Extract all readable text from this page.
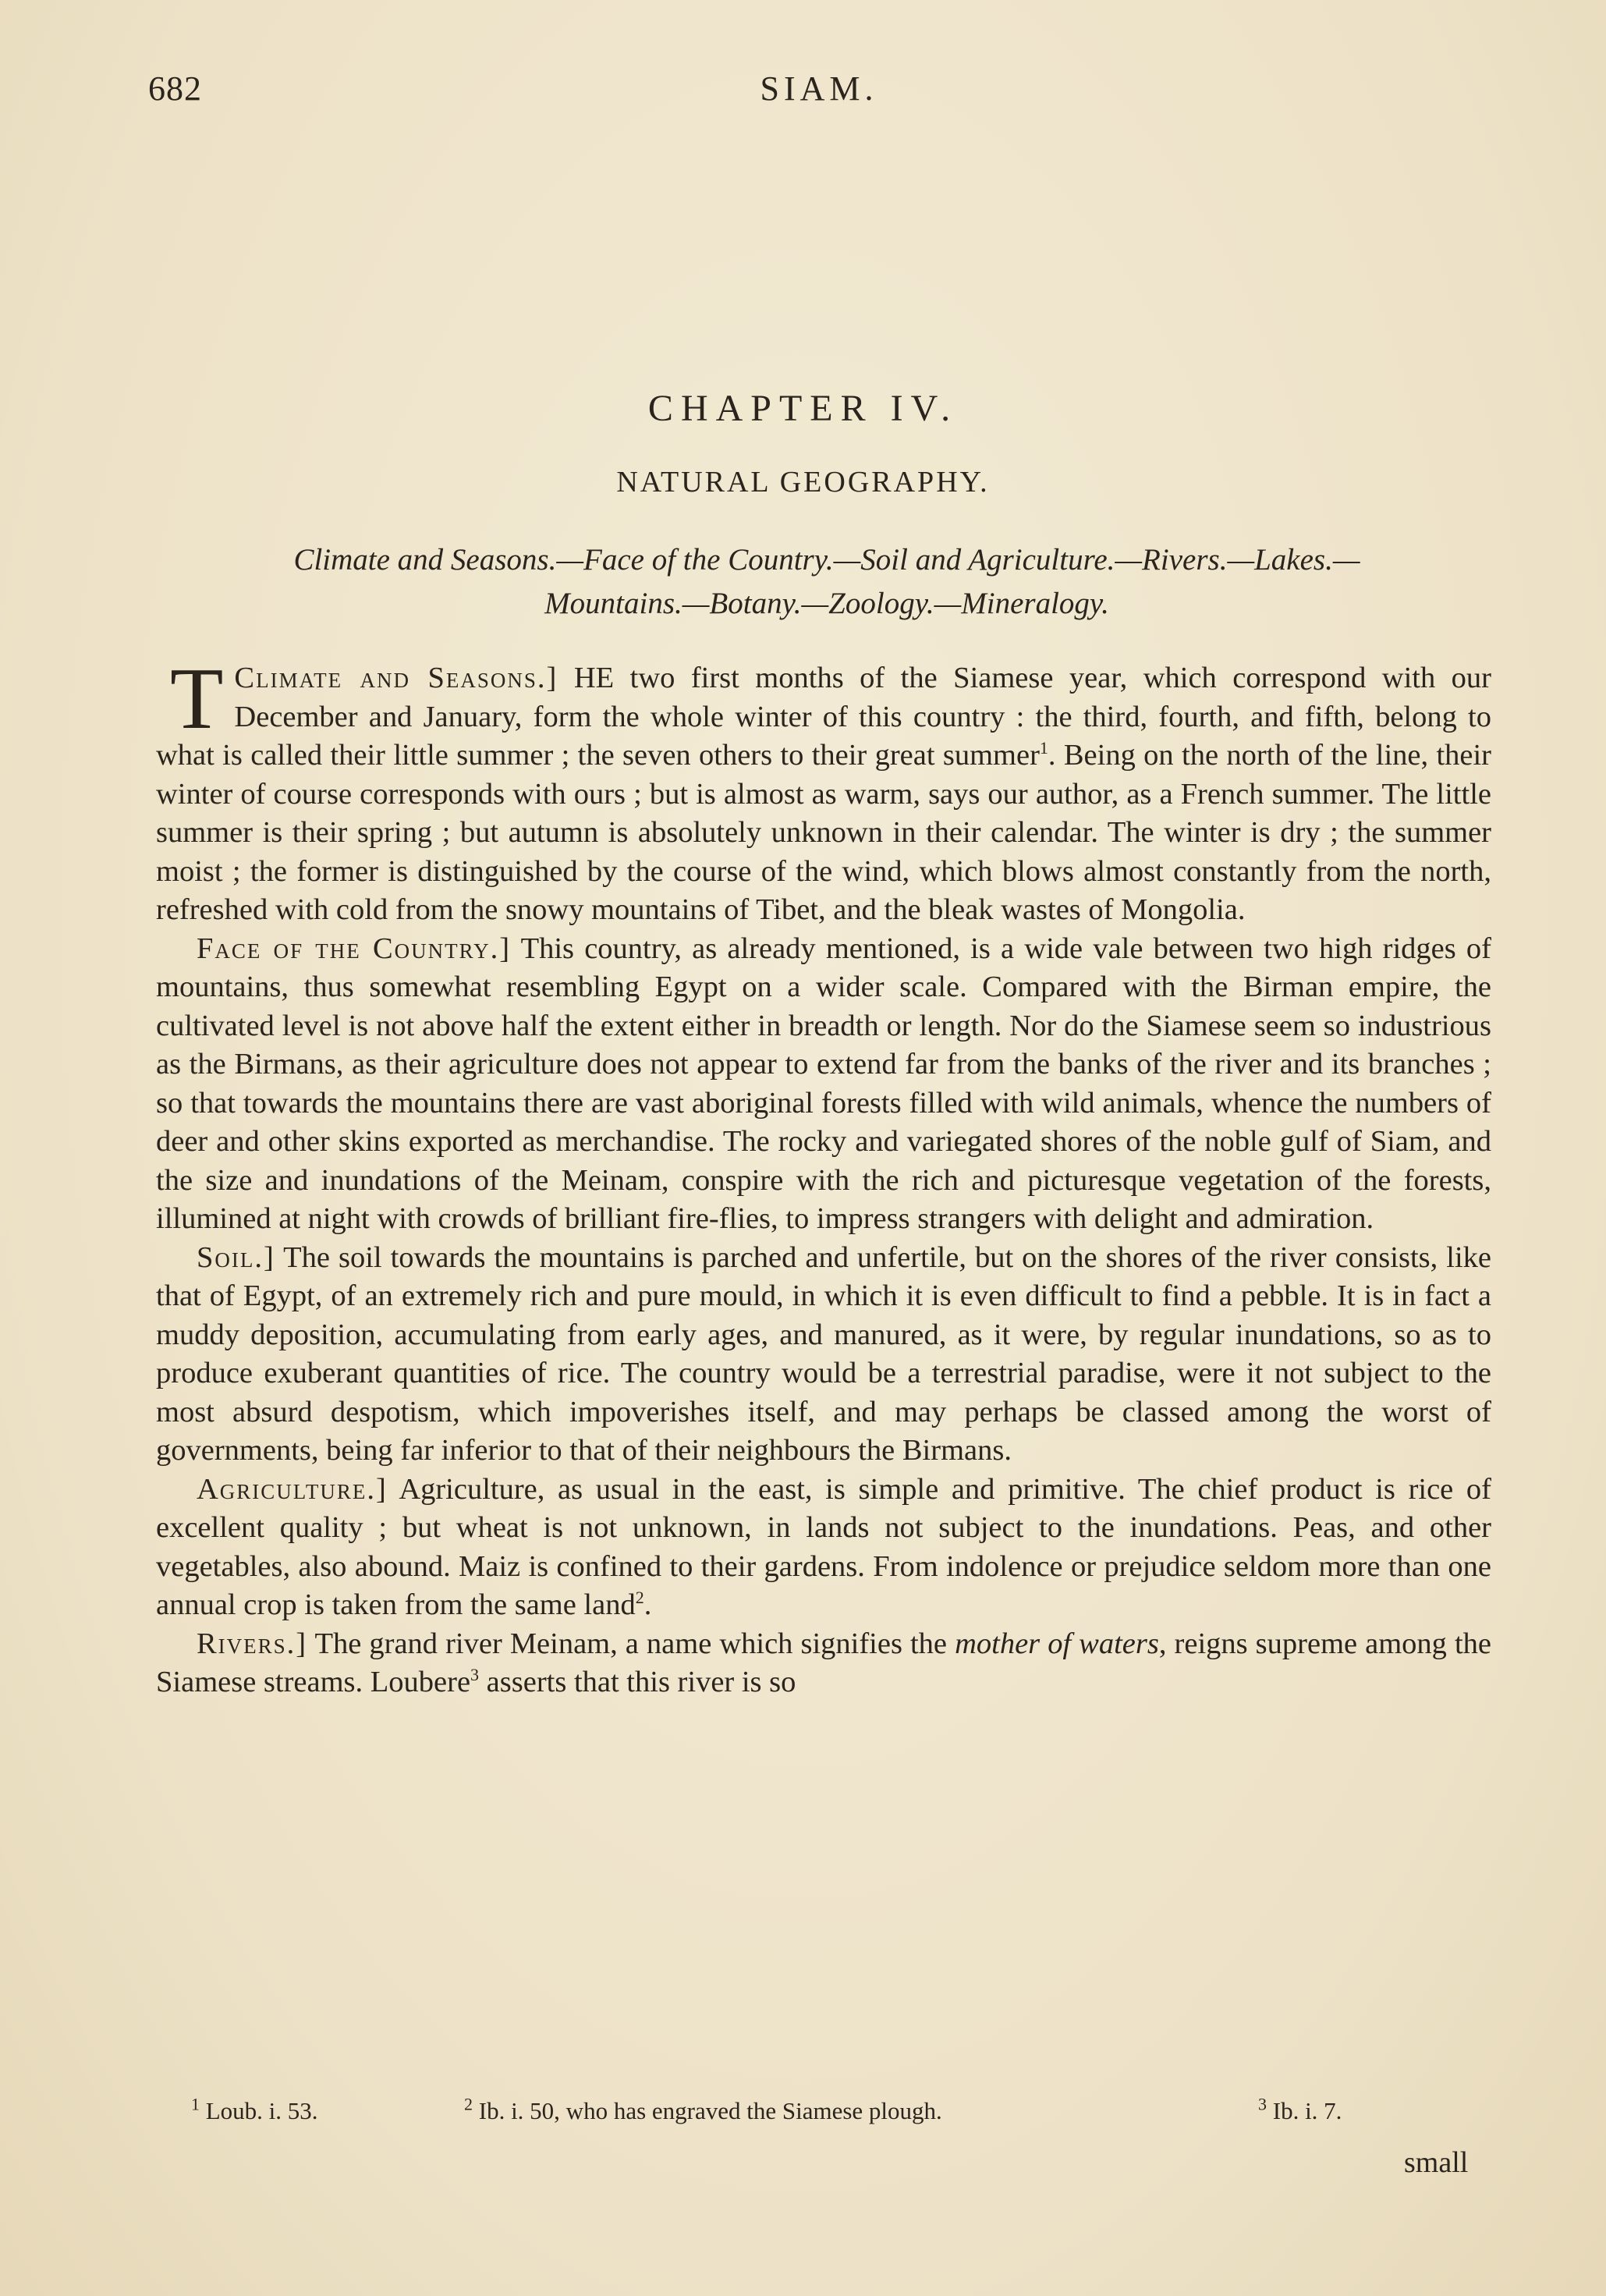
682	SIAM.
CHAPTER IV.
NATURAL GEOGRAPHY.
Climate and Seasons.—Face of the Country.—Soil and Agriculture.—Rivers.—Lakes.—
Mountains.—Botany.—Zoology.—Mineralogy.

Climate and Seasons.]
T	HE two first months of the Siamese year, which correspond with our December and January, form the whole winter of this country : the third, fourth, and fifth, belong to what is called their little summer ; the seven others to their great summer$^1$. Being on the north of the line, their winter of course corresponds with ours ; but is almost as warm, says our author, as a French summer. The little summer is their spring ; but autumn is absolutely unknown in their calendar. The winter is dry ; the summer moist ; the former is distinguished by the course of the wind, which blows almost constantly from the north, refreshed with cold from the snowy mountains of Tibet, and the bleak wastes of Mongolia.

Face of the Country.] This country, as already mentioned, is a wide vale between two high ridges of mountains, thus somewhat resembling Egypt on a wider scale. Compared with the Birman empire, the cultivated level is not above half the extent either in breadth or length. Nor do the Siamese seem so industrious as the Birmans, as their agriculture does not appear to extend far from the banks of the river and its branches ; so that towards the mountains there are vast aboriginal forests filled with wild animals, whence the numbers of deer and other skins exported as merchandise. The rocky and variegated shores of the noble gulf of Siam, and the size and inundations of the Meinam, conspire with the rich and picturesque vegetation of the forests, illumined at night with crowds of brilliant fire-flies, to impress strangers with delight and admiration.

Soil.] The soil towards the mountains is parched and unfertile, but on the shores of the river consists, like that of Egypt, of an extremely rich and pure mould, in which it is even difficult to find a pebble. It is in fact a muddy deposition, accumulating from early ages, and manured, as it were, by regular inundations, so as to produce exuberant quantities of rice. The country would be a terrestrial paradise, were it not subject to the most absurd despotism, which impoverishes itself, and may perhaps be classed among the worst of governments, being far inferior to that of their neighbours the Birmans.

Agriculture.] Agriculture, as usual in the east, is simple and primitive. The chief product is rice of excellent quality ; but wheat is not unknown, in lands not subject to the inundations. Peas, and other vegetables, also abound. Maiz is confined to their gardens. From indolence or prejudice seldom more than one annual crop is taken from the same land$^2$.

Rivers.] The grand river Meinam, a name which signifies the mother of waters, reigns supreme among the Siamese streams. Loubere$^3$ asserts that this river is so

$^1$ Loub. i. 53.	$^2$ Ib. i. 50, who has engraved the Siamese plough.	$^3$ Ib. i. 7.
small
